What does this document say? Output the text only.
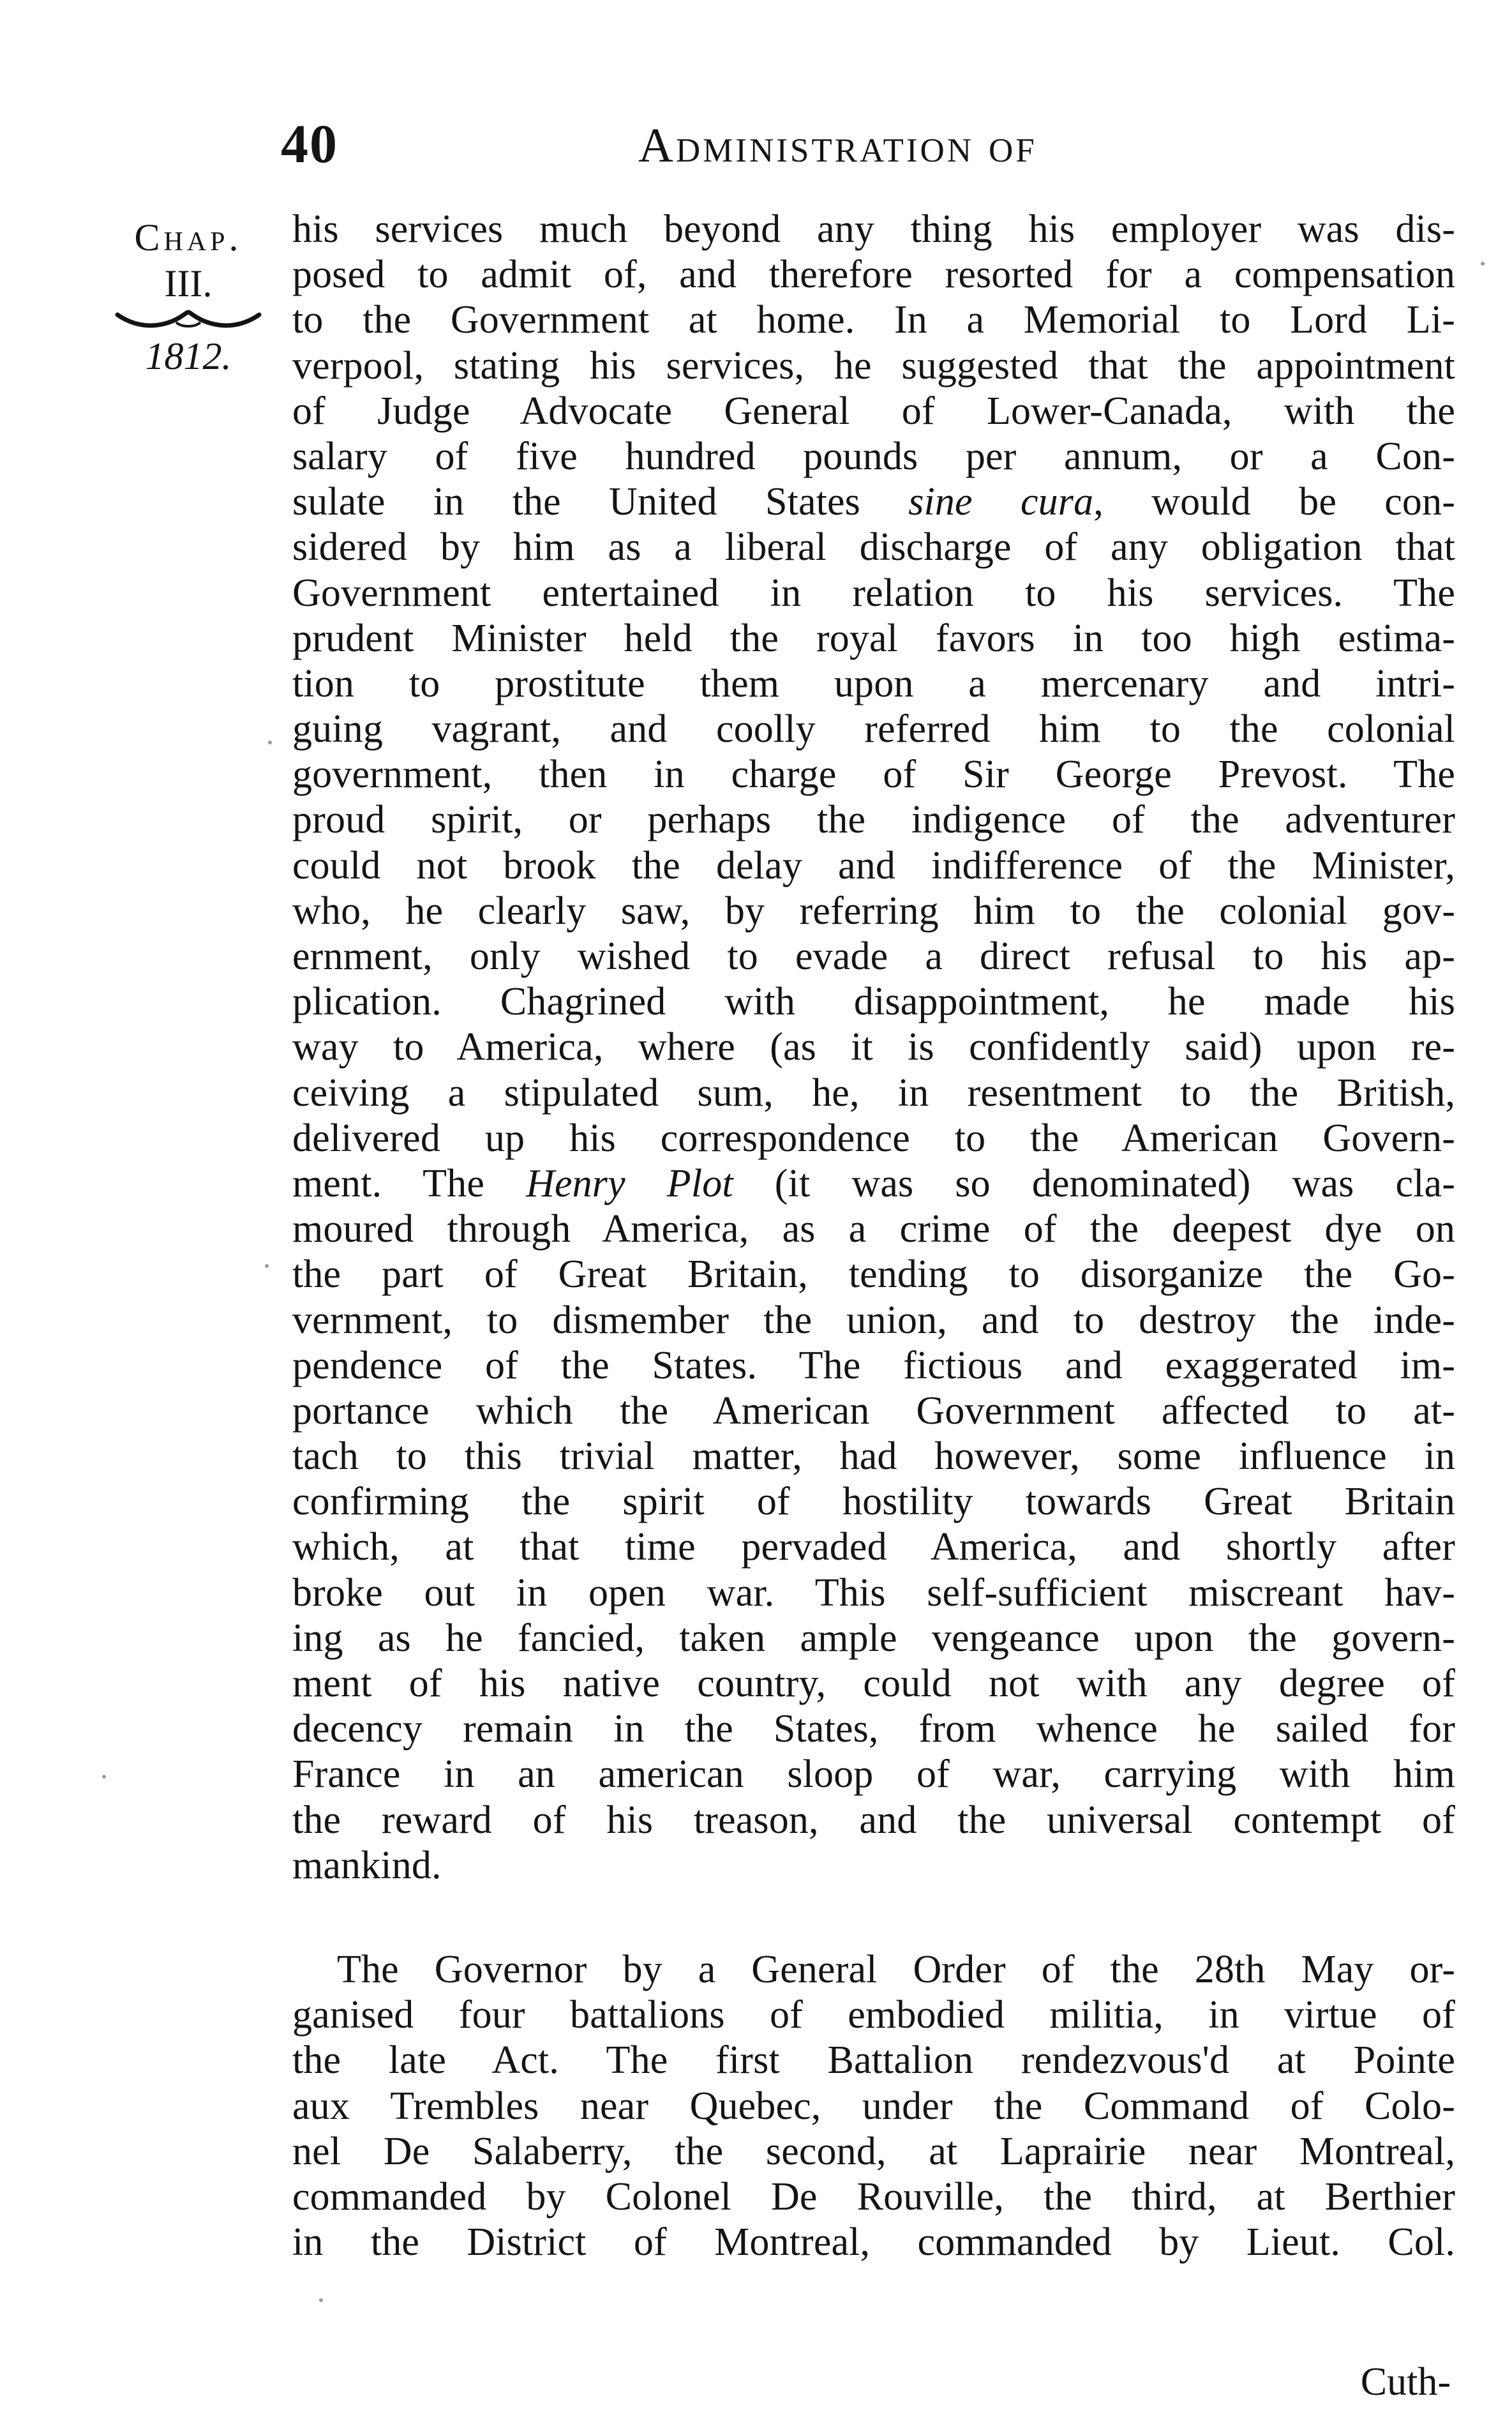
40	Administration of
Chap.
III.
1812.
his services much beyond any thing his employer was dis-
posed to admit of, and therefore resorted for a compensation
to the Government at home. In a Memorial to Lord Li-
verpool, stating his services, he suggested that the appointment
of Judge Advocate General of Lower-Canada, with the
salary of five hundred pounds per annum, or a Con-
sulate in the United States sine cura, would be con-
sidered by him as a liberal discharge of any obligation that
Government entertained in relation to his services. The
prudent Minister held the royal favors in too high estima-
tion to prostitute them upon a mercenary and intri-
guing vagrant, and coolly referred him to the colonial
government, then in charge of Sir George Prevost. The
proud spirit, or perhaps the indigence of the adventurer
could not brook the delay and indifference of the Minister,
who, he clearly saw, by referring him to the colonial gov-
ernment, only wished to evade a direct refusal to his ap-
plication. Chagrined with disappointment, he made his
way to America, where (as it is confidently said) upon re-
ceiving a stipulated sum, he, in resentment to the British,
delivered up his correspondence to the American Govern-
ment. The Henry Plot (it was so denominated) was cla-
moured through America, as a crime of the deepest dye on
the part of Great Britain, tending to disorganize the Go-
vernment, to dismember the union, and to destroy the inde-
pendence of the States. The fictious and exaggerated im-
portance which the American Government affected to at-
tach to this trivial matter, had however, some influence in
confirming the spirit of hostility towards Great Britain
which, at that time pervaded America, and shortly after
broke out in open war. This self-sufficient miscreant hav-
ing as he fancied, taken ample vengeance upon the govern-
ment of his native country, could not with any degree of
decency remain in the States, from whence he sailed for
France in an american sloop of war, carrying with him
the reward of his treason, and the universal contempt of
mankind.
The Governor by a General Order of the 28th May or-
ganised four battalions of embodied militia, in virtue of
the late Act. The first Battalion rendezvous'd at Pointe
aux Trembles near Quebec, under the Command of Colo-
nel De Salaberry, the second, at Laprairie near Montreal,
commanded by Colonel De Rouville, the third, at Berthier
in the District of Montreal, commanded by Lieut. Col.
Cuth-
